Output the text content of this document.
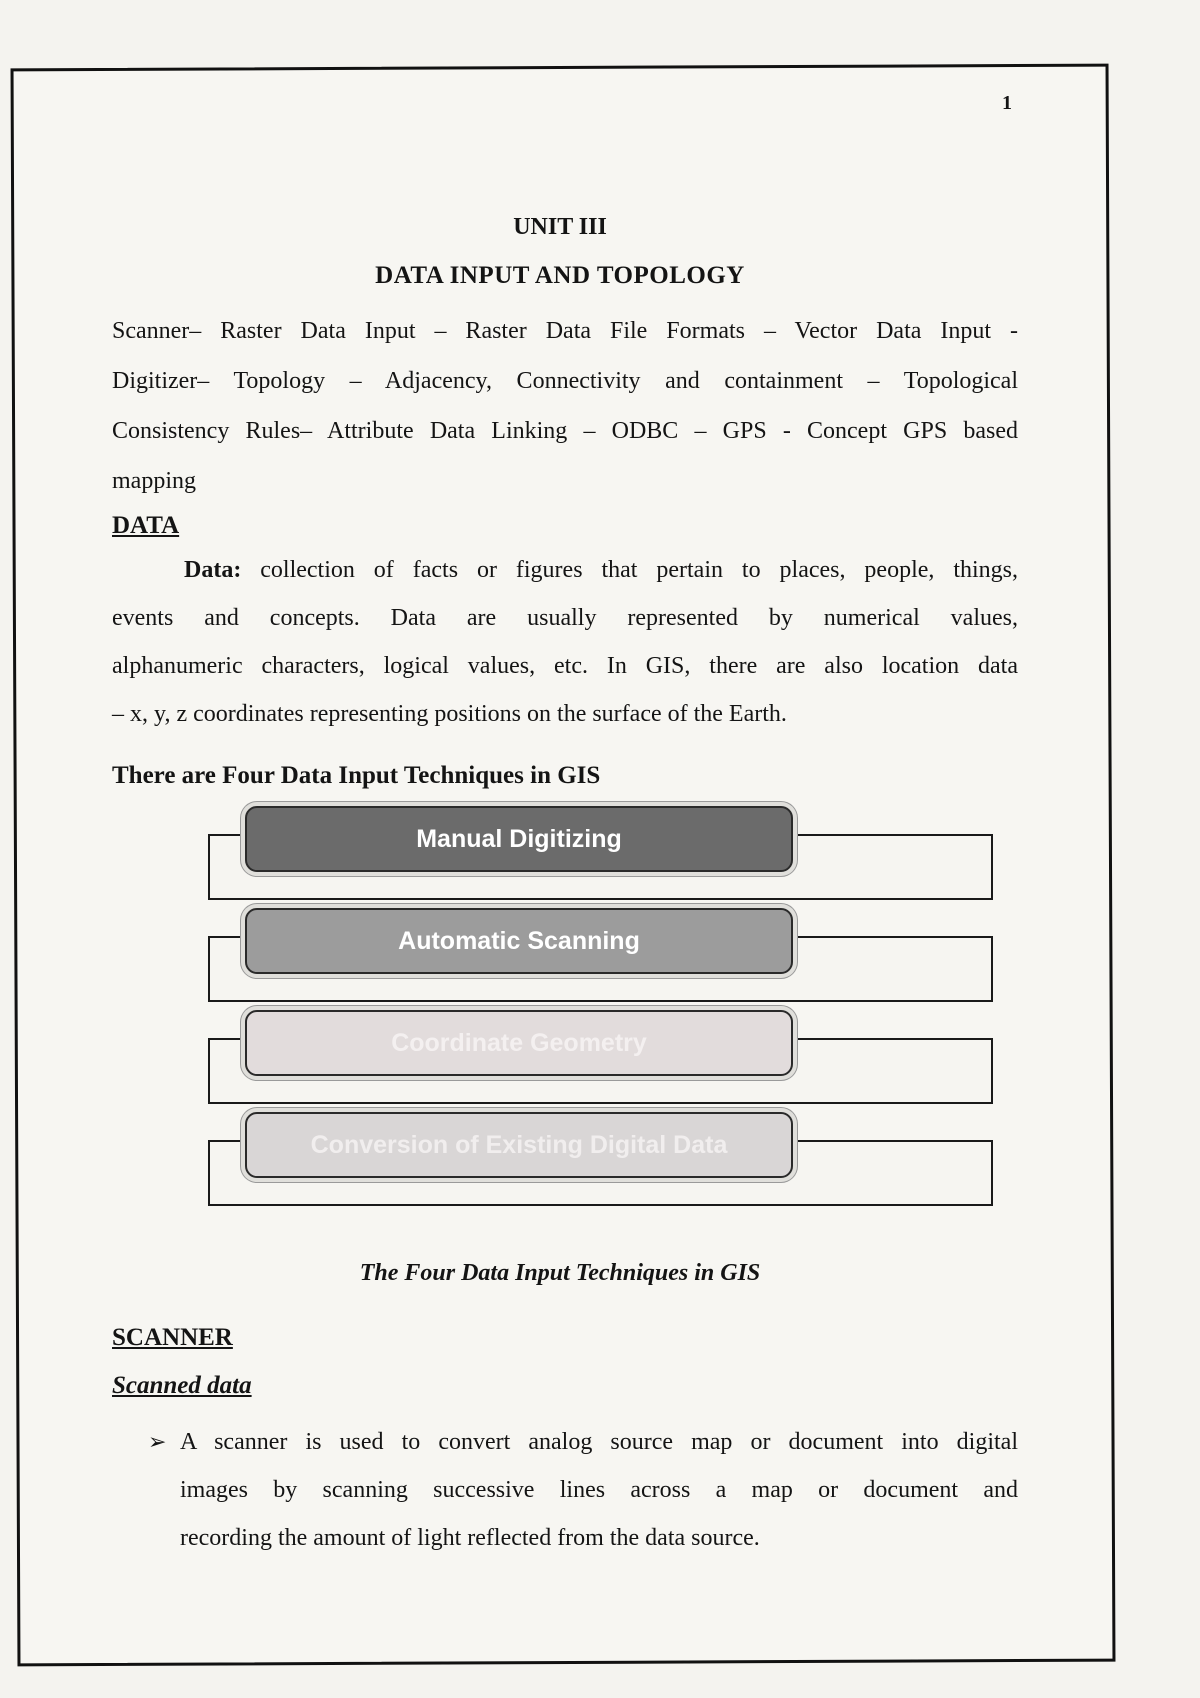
1
UNIT III
DATA INPUT AND TOPOLOGY
Scanner– Raster Data Input – Raster Data File Formats – Vector Data Input -
Digitizer– Topology – Adjacency, Connectivity and containment – Topological
Consistency Rules– Attribute Data Linking – ODBC – GPS - Concept GPS based
mapping
DATA
Data: collection of facts or figures that pertain to places, people, things,
events and concepts. Data are usually represented by numerical values,
alphanumeric characters, logical values, etc. In GIS, there are also location data
– x, y, z coordinates representing positions on the surface of the Earth.
There are Four Data Input Techniques in GIS
Manual Digitizing
Automatic Scanning
Coordinate Geometry
Conversion of Existing Digital Data
The Four Data Input Techniques in GIS
SCANNER
Scanned data
➢ A scanner is used to convert analog source map or document into digital
images by scanning successive lines across a map or document and
recording the amount of light reflected from the data source.
